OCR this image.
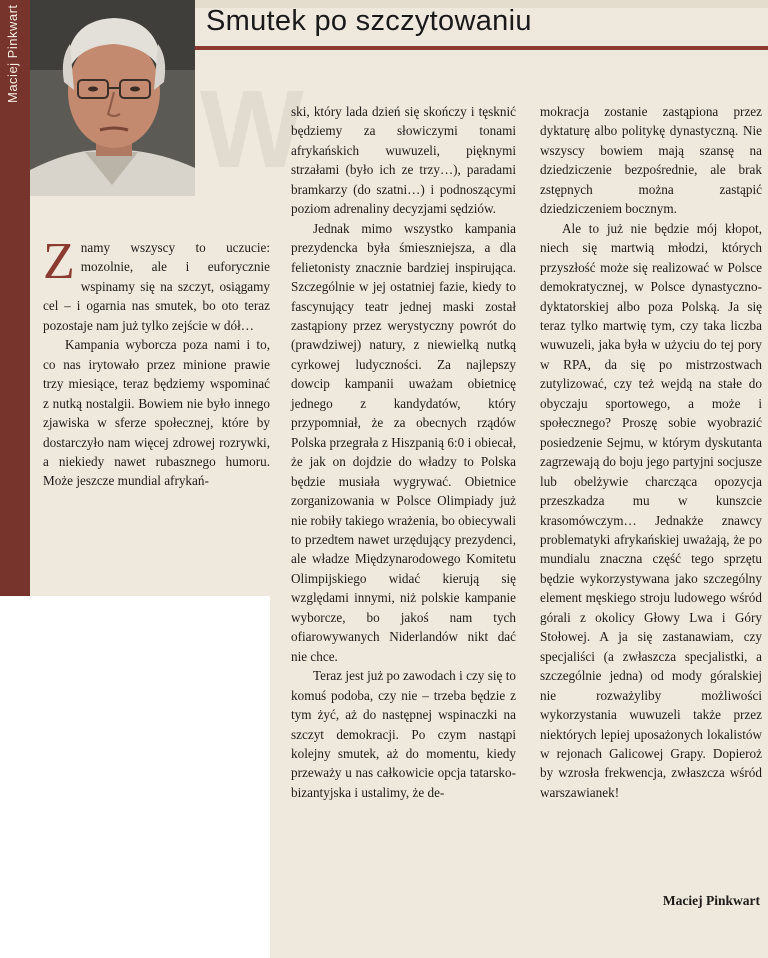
W
Maciej Pinkwart	Smutek po szczytowaniu

Znamy wszyscy to uczucie: mozolnie, ale i euforycznie wspinamy się na szczyt, osiągamy cel – i ogarnia nas smutek, bo oto teraz pozostaje nam już tylko zejście w dół…

Kampania wyborcza poza nami i to, co nas irytowało przez minione prawie trzy miesiące, teraz będziemy wspominać z nutką nostalgii. Bowiem nie było innego zjawiska w sferze społecznej, które by dostarczyło nam więcej zdrowej rozrywki, a niekiedy nawet rubasznego humoru. Może jeszcze mundial afrykań-

ski, który lada dzień się skończy i tęsknić będziemy za słowiczymi tonami afrykańskich wuwuzeli, pięknymi strzałami (było ich ze trzy…), paradami bramkarzy (do szatni…) i podnoszącymi poziom adrenaliny decyzjami sędziów.

Jednak mimo wszystko kampania prezydencka była śmieszniejsza, a dla felietonisty znacznie bardziej inspirująca. Szczególnie w jej ostatniej fazie, kiedy to fascynujący teatr jednej maski został zastąpiony przez werystyczny powrót do (prawdziwej) natury, z niewielką nutką cyrkowej ludyczności. Za najlepszy dowcip kampanii uważam obietnicę jednego z kandydatów, który przypomniał, że za obecnych rządów Polska przegrała z Hiszpanią 6:0 i obiecał, że jak on dojdzie do władzy to Polska będzie musiała wygrywać. Obietnice zorganizowania w Polsce Olimpiady już nie robiły takiego wrażenia, bo obiecywali to przedtem nawet urzędujący prezydenci, ale władze Międzynarodowego Komitetu Olimpijskiego widać kierują się względami innymi, niż polskie kampanie wyborcze, bo jakoś nam tych ofiarowywanych Niderlandów nikt dać nie chce.

Teraz jest już po zawodach i czy się to komuś podoba, czy nie – trzeba będzie z tym żyć, aż do następnej wspinaczki na szczyt demokracji. Po czym nastąpi kolejny smutek, aż do momentu, kiedy przeważy u nas całkowicie opcja tatarsko-bizantyjska i ustalimy, że de-

mokracja zostanie zastąpiona przez dyktaturę albo politykę dynastyczną. Nie wszyscy bowiem mają szansę na dziedziczenie bezpośrednie, ale brak zstępnych można zastąpić dziedziczeniem bocznym.

Ale to już nie będzie mój kłopot, niech się martwią młodzi, których przyszłość może się realizować w Polsce demokratycznej, w Polsce dynastyczno-dyktatorskiej albo poza Polską. Ja się teraz tylko martwię tym, czy taka liczba wuwuzeli, jaka była w użyciu do tej pory w RPA, da się po mistrzostwach zutylizować, czy też wejdą na stałe do obyczaju sportowego, a może i społecznego? Proszę sobie wyobrazić posiedzenie Sejmu, w którym dyskutanta zagrzewają do boju jego partyjni socjusze lub obelżywie charcząca opozycja przeszkadza mu w kunszcie krasomówczym… Jednakże znawcy problematyki afrykańskiej uważają, że po mundialu znaczna część tego sprzętu będzie wykorzystywana jako szczególny element męskiego stroju ludowego wśród górali z okolicy Głowy Lwa i Góry Stołowej. A ja się zastanawiam, czy specjaliści (a zwłaszcza specjalistki, a szczególnie jedna) od mody góralskiej nie rozważyliby możliwości wykorzystania wuwuzeli także przez niektórych lepiej uposażonych lokalistów w rejonach Galicowej Grapy. Dopieroż by wzrosła frekwencja, zwłaszcza wśród warszawianek!

Maciej Pinkwart
